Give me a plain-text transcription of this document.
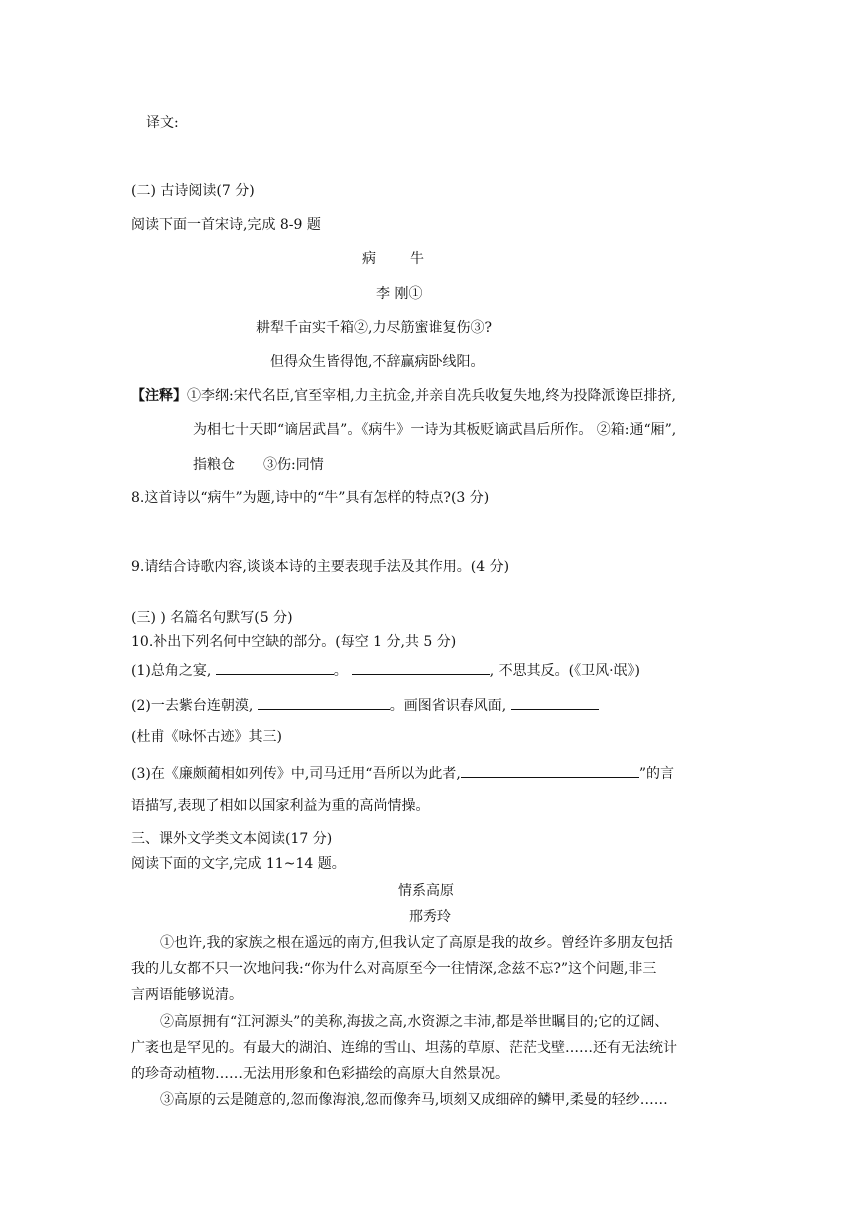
译文:
(二) 古诗阅读(7 分)
阅读下面一首宋诗,完成 8-9 题
病　　牛
李 刚①
耕犁千亩实千箱②,力尽筋蜜谁复伤③?
但得众生皆得饱,不辞赢病卧线阳。
【注释】①李纲:宋代名臣,官至宰相,力主抗金,并亲自冼兵收复失地,终为投降派谗臣排挤,
为相七十天即“谪居武昌”。《病牛》一诗为其板贬谪武昌后所作。 ②箱:通“厢”,
指粮仓　　③伤:同情
8.这首诗以“病牛”为题,诗中的“牛”具有怎样的特点?(3 分)
9.请结合诗歌内容,谈谈本诗的主要表现手法及其作用。(4 分)
(三) ) 名篇名句默写(5 分)
10.补出下列名何中空缺的部分。(每空 1 分,共 5 分)
(1)总角之宴,	。	, 不思其反。(《卫风·氓》)
(2)一去紫台连朝漠,	。画图省识春风面,
(杜甫《咏怀古迹》其三)
(3)在《廉颇蔺相如列传》中,司马迁用“吾所以为此者,	”的言
语描写,表现了相如以国家利益为重的高尚情操。
三、课外文学类文本阅读(17 分)
阅读下面的文字,完成 11~14 题。
情系高原
邢秀玲
①也许,我的家族之根在遥远的南方,但我认定了高原是我的故乡。曾经许多朋友包括
我的儿女都不只一次地问我:“你为什么对高原至今一往情深,念兹不忘?”这个问题,非三
言两语能够说清。
②高原拥有“江河源头”的美称,海拔之高,水资源之丰沛,都是举世瞩目的;它的辽阔、
广袤也是罕见的。有最大的湖泊、连绵的雪山、坦荡的草原、茫茫戈壁……还有无法统计
的珍奇动植物……无法用形象和色彩描绘的高原大自然景况。
③高原的云是随意的,忽而像海浪,忽而像奔马,顷刻又成细碎的鳞甲,柔曼的轻纱……
